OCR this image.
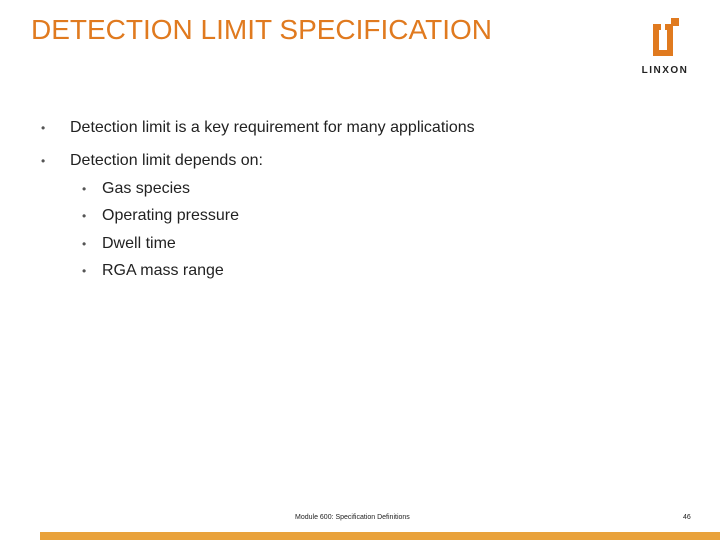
DETECTION LIMIT SPECIFICATION
LINXON
• Detection limit is a key requirement for many applications
• Detection limit depends on:
• Gas species
• Operating pressure
• Dwell time
• RGA mass range
Module 600: Specification Definitions	46
